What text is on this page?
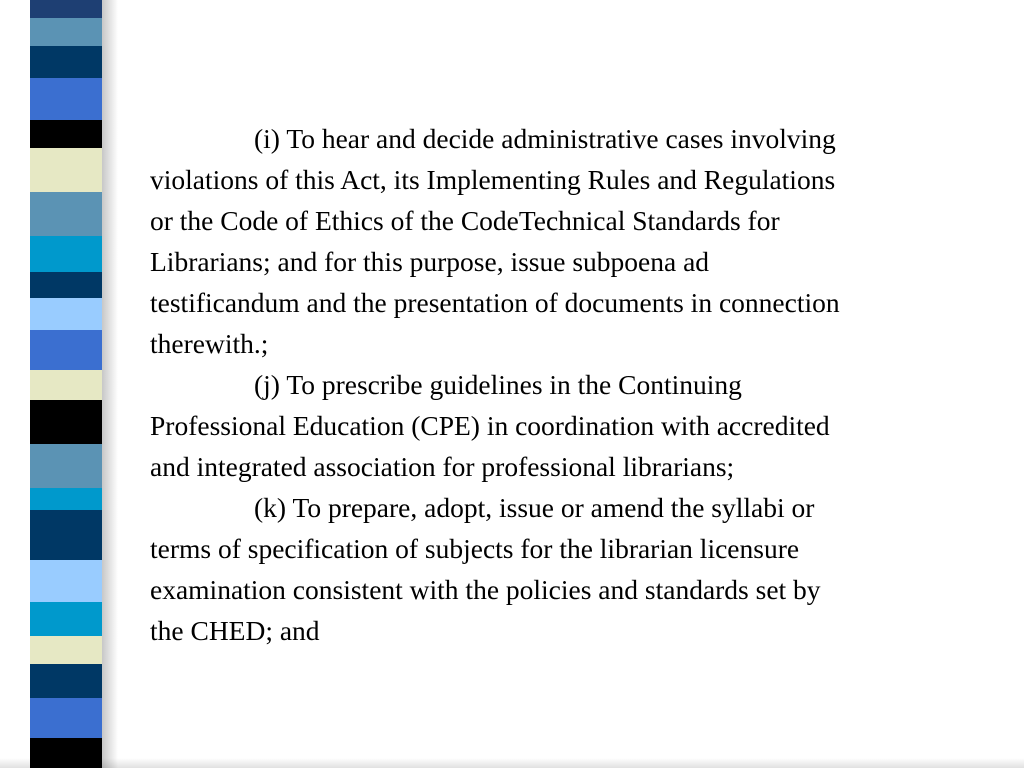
(i) To hear and decide administrative cases involving
violations of this Act, its Implementing Rules and Regulations
or the Code of Ethics of the CodeTechnical Standards for
Librarians; and for this purpose, issue subpoena ad
testificandum and the presentation of documents in connection
therewith.;
(j) To prescribe guidelines in the Continuing
Professional Education (CPE) in coordination with accredited
and integrated association for professional librarians;
(k) To prepare, adopt, issue or amend the syllabi or
terms of specification of subjects for the librarian licensure
examination consistent with the policies and standards set by
the CHED; and
